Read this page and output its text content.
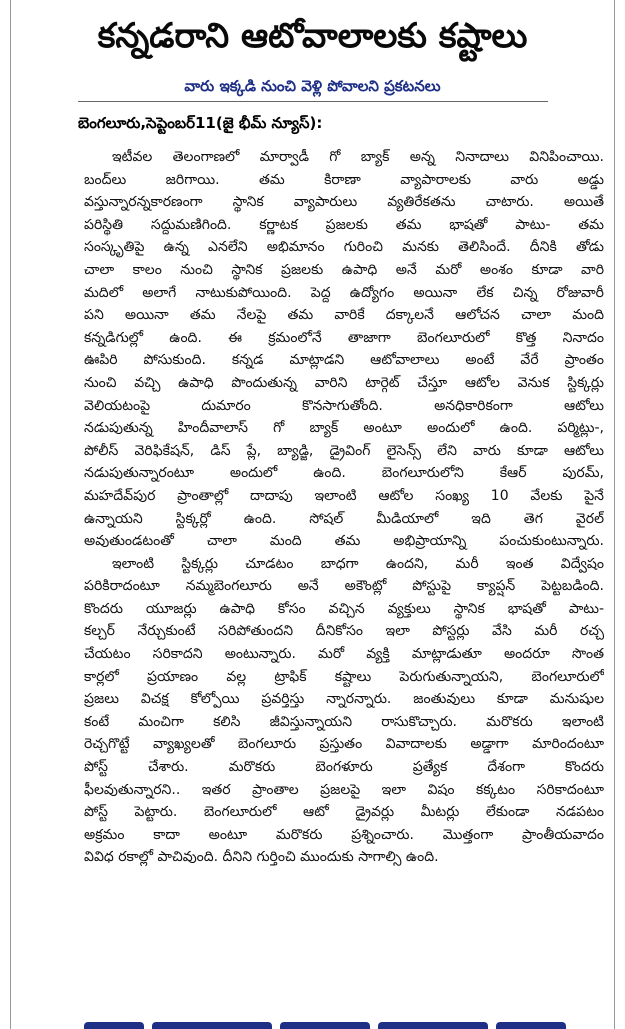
కన్నడరాని ఆటోవాలాలకు కష్టాలు
వారు ఇక్కడి నుంచి వెళ్లి పోవాలని ప్రకటనలు
బెంగలూరు,సెప్టెంబర్11(జై భీమ్ న్యూస్):
ఇటీవల తెలంగాణలో మార్వాడీ గో బ్యాక్ అన్న నినాదాలు వినిపించాయి.
బంద్‌లు జరిగాయి. తమ కిరాణా వ్యాపారాలకు వారు అడ్డు
వస్తున్నారన్నకారణంగా స్థానిక వ్యాపారులు వ్యతిరేకతను చాటారు. అయితే
పరిస్థితి సద్దుమణిగింది. కర్ణాటక ప్రజలకు తమ భాషతో పాటు- తమ
సంస్కృతిపై ఉన్న ఎనలేని అభిమానం గురించి మనకు తెలిసిందే. దీనికి తోడు
చాలా కాలం నుంచి స్థానిక ప్రజలకు ఉపాధి అనే మరో అంశం కూడా వారి
మదిలో అలాగే నాటుకుపోయింది. పెద్ద ఉద్యోగం అయినా లేక చిన్న రోజువారీ
పని అయినా తమ నేలపై తమ వారికే దక్కాలనే ఆలోచన చాలా మంది
కన్నడిగుల్లో ఉంది. ఈ క్రమంలోనే తాజాగా బెంగలూరులో కొత్త నినాదం
ఊపిరి పోసుకుంది. కన్నడ మాట్లాడని ఆటోవాలాలు అంటే వేరే ప్రాంతం
నుంచి వచ్చి ఉపాధి పొందుతున్న వారిని టార్గెట్ చేస్తూ ఆటోల వెనుక స్టిక్కర్లు
వెలియటంపై దుమారం కొనసాగుతోంది. అనధికారికంగా ఆటోలు
నడుపుతున్న హిందీవాలాస్ గో బ్యాక్ అంటూ అందులో ఉంది. పర్మిట్లు-,
పోలీస్ వెరిఫికేషన్, డిస్ ప్లే, బ్యాడ్జి, డ్రైవింగ్ లైసెన్స్ లేని వారు కూడా ఆటోలు
నడుపుతున్నారంటూ అందులో ఉంది. బెంగలూరులోని కేఆర్ పురమ్,
మహదేవ్‌పుర ప్రాంతాల్లో దాదాపు ఇలాంటి ఆటోల సంఖ్య 10 వేలకు పైనే
ఉన్నాయని స్టిక్కర్లో ఉంది. సోషల్ మీడియాలో ఇది తెగ వైరల్
అవుతుండటంతో చాలా మంది తమ అభిప్రాయాన్ని పంచుకుంటున్నారు.
ఇలాంటి స్టిక్కర్లు చూడటం బాధగా ఉందని, మరీ ఇంత విద్వేషం
పరికిరాదంటూ నమ్మబెంగలూరు అనే అకౌంట్లో పోస్టుపై క్యాప్షన్ పెట్టబడింది.
కొందరు యూజర్లు ఉపాధి కోసం వచ్చిన వ్యక్తులు స్థానిక భాషతో పాటు-
కల్చర్ నేర్చుకుంటే సరిపోతుందని దీనికోసం ఇలా పోస్టర్లు వేసి మరీ రచ్చ
చేయటం సరికాదని అంటున్నారు. మరో వ్యక్తి మాట్లాడుతూ అందరూ సొంత
కార్లలో ప్రయాణం వల్ల ట్రాఫిక్ కష్టాలు పెరుగుతున్నాయని, బెంగలూరులో
ప్రజలు విచక్ష కోల్పోయి ప్రవర్తిస్తు న్నారన్నారు. జంతువులు కూడా మనుషుల
కంటే మంచిగా కలిసి జీవిస్తున్నాయని రాసుకొచ్చారు. మరొకరు ఇలాంటి
రెచ్చగొట్టే వ్యాఖ్యలతో బెంగలూరు ప్రస్తుతం వివాదాలకు అడ్డాగా మారిందంటూ
పోస్ట్ చేశారు. మరొకరు బెంగళూరు ప్రత్యేక దేశంగా కొందరు
ఫీలవుతున్నారని.. ఇతర ప్రాంతాల ప్రజలపై ఇలా విషం కక్కటం సరికాదంటూ
పోస్ట్ పెట్టారు. బెంగలూరులో ఆటో డ్రైవర్లు మీటర్లు లేకుండా నడపటం
అక్రమం కాదా అంటూ మరొకరు ప్రశ్నించారు. మొత్తంగా ప్రాంతీయవాదం
వివిధ రకాల్లో పాచివుంది. దీనిని గుర్తించి ముందుకు సాగాల్సి ఉంది.
